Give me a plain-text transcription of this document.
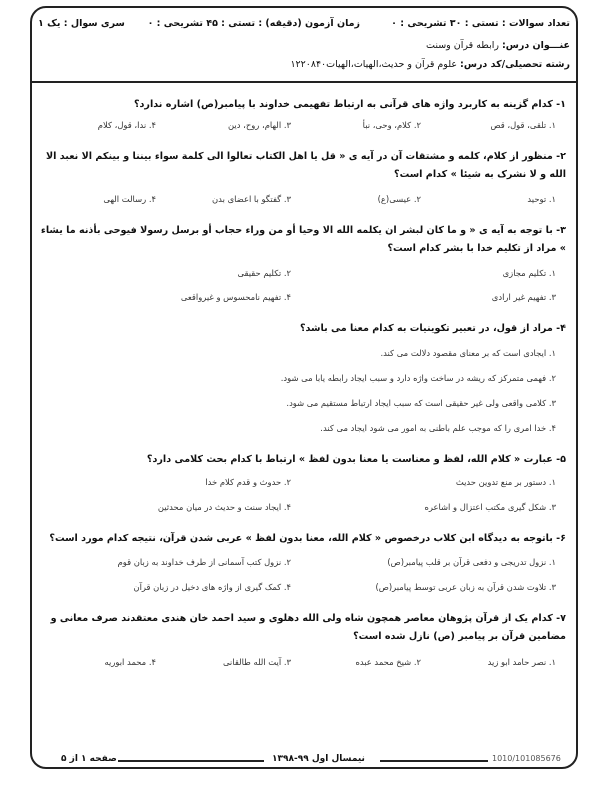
تعداد سوالات : تستی : ۳۰ تشریحی : ۰
زمان آزمون (دقیقه) : تستی : ۴۵ تشریحی : ۰
سری سوال : یک ۱
عنـــوان درس: رابطه قرآن وسنت
رشته تحصیلی/کد درس: علوم قرآن و حدیث،الهیات،الهیات۱۲۲۰۸۴۰
۱- کدام گزینه به کاربرد واژه های قرآنی به ارتباط تفهیمی خداوند با پیامبر(ص) اشاره ندارد؟
۱. تلقی، قول، قص
۲. کلام، وحی، نبأ
۳. الهام، روح، دین
۴. ندا، قول، کلام
۲- منظور از کلام، کلمه و مشتقات آن در آیه ی « قل یا اهل الکتاب تعالوا الی کلمة سواء بیننا و بینکم الا نعبد الا الله و لا نشرک به شیئا » کدام است؟
۱. توحید
۲. عیسی(ع)
۳. گفتگو با اعضای بدن
۴. رسالت الهی
۳- با توجه به آیه ی « و ما کان لبشر ان یکلمه الله الا وحیا أو من وراء حجاب أو برسل رسولا فیوحی بأذنه ما یشاء » مراد از تکلیم خدا با بشر کدام است؟
۱. تکلیم مجازی
۲. تکلیم حقیقی
۳. تفهیم غیر ارادی
۴. تفهیم نامحسوس و غیرواقعی
۴- مراد از قول، در تعبیر تکوینیات به کدام معنا می باشد؟
۱. ایجادی است که بر معنای مقصود دلالت می کند.
۲. فهمی متمرکز که ریشه در ساخت واژه دارد و سبب ایجاد رابطه یابا می شود.
۳. کلامی واقعی ولی غیر حقیقی است که سبب ایجاد ارتباط مستقیم می شود.
۴. خدا امری را که موجب علم باطنی به امور می شود ایجاد می کند.
۵- عبارت « کلام الله، لفظ و معناست یا معنا بدون لفظ » ارتباط با کدام بحث کلامی دارد؟
۱. دستور بر منع تدوین حدیث
۲. حدوث و قدم کلام خدا
۳. شکل گیری مکتب اعتزال و اشاعره
۴. ایجاد سنت و حدیث در میان محدثین
۶- باتوجه به دیدگاه ابن کلاب درخصوص « کلام الله، معنا بدون لفظ » عربی شدن قرآن، نتیجه کدام مورد است؟
۱. نزول تدریجی و دفعی قرآن بر قلب پیامبر(ص)
۲. نزول کتب آسمانی از طرف خداوند به زبان قوم
۳. تلاوت شدن قرآن به زبان عربی توسط پیامبر(ص)
۴. کمک گیری از واژه های دخیل در زبان قرآن
۷- کدام یک از قرآن پژوهان معاصر همچون شاه ولی الله دهلوی و سید احمد خان هندی معتقدند صرف معانی و مضامین قرآن بر پیامبر (ص) نازل شده است؟
۱. نصر حامد ابو زید
۲. شیخ محمد عبده
۳. آیت الله طالقانی
۴. محمد ابوریه
صفحه ۱ از ۵	نیمسال اول ۹۹-۱۳۹۸	1010/101085676
